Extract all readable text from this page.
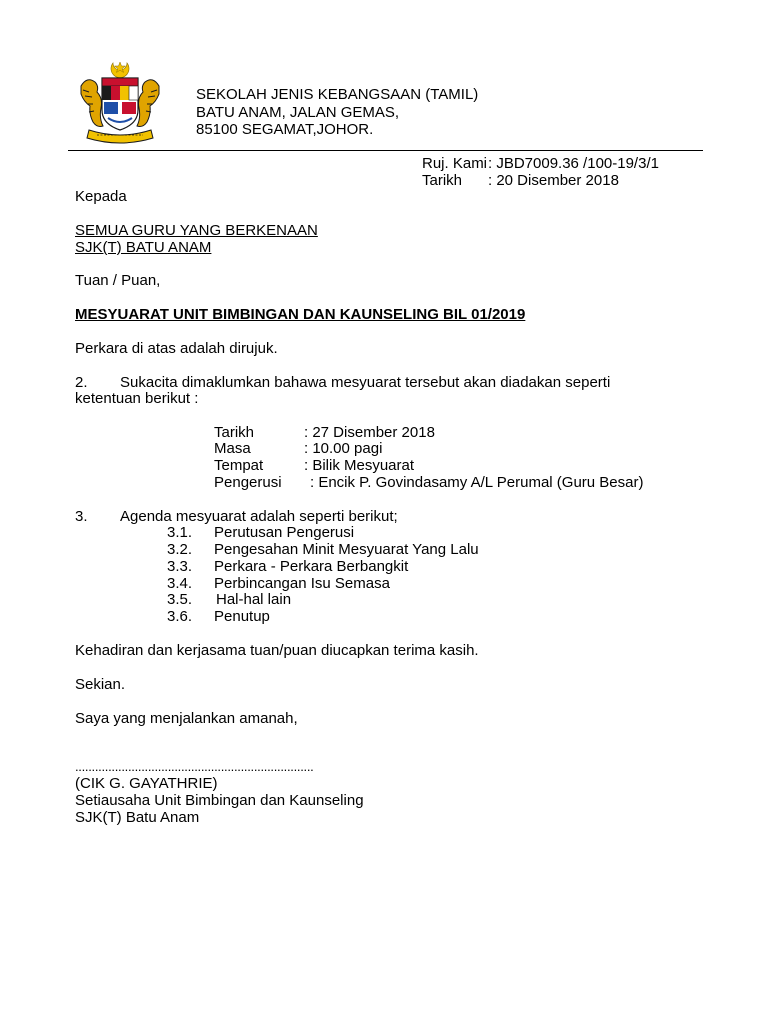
SEKOLAH JENIS KEBANGSAAN (TAMIL)
BATU ANAM, JALAN GEMAS,
85100 SEGAMAT,JOHOR.
Ruj. Kami : JBD7009.36 /100-19/3/1
Tarikh : 20 Disember 2018
Kepada
SEMUA GURU YANG BERKENAAN
SJK(T) BATU ANAM
Tuan / Puan,
MESYUARAT UNIT BIMBINGAN DAN KAUNSELING BIL 01/2019
Perkara di atas adalah dirujuk.
2. Sukacita dimaklumkan bahawa mesyuarat tersebut akan diadakan seperti
ketentuan berikut :
Tarikh	: 27 Disember 2018
Masa	: 10.00 pagi
Tempat	: Bilik Mesyuarat
Pengerusi : Encik P. Govindasamy A/L Perumal (Guru Besar)
3. Agenda mesyuarat adalah seperti berikut;
3.1. Perutusan Pengerusi
3.2. Pengesahan Minit Mesyuarat Yang Lalu
3.3. Perkara - Perkara Berbangkit
3.4. Perbincangan Isu Semasa
3.5. Hal-hal lain
3.6. Penutup
Kehadiran dan kerjasama tuan/puan diucapkan terima kasih.
Sekian.
Saya yang menjalankan amanah,
........................................................................
(CIK G. GAYATHRIE)
Setiausaha Unit Bimbingan dan Kaunseling
SJK(T) Batu Anam
